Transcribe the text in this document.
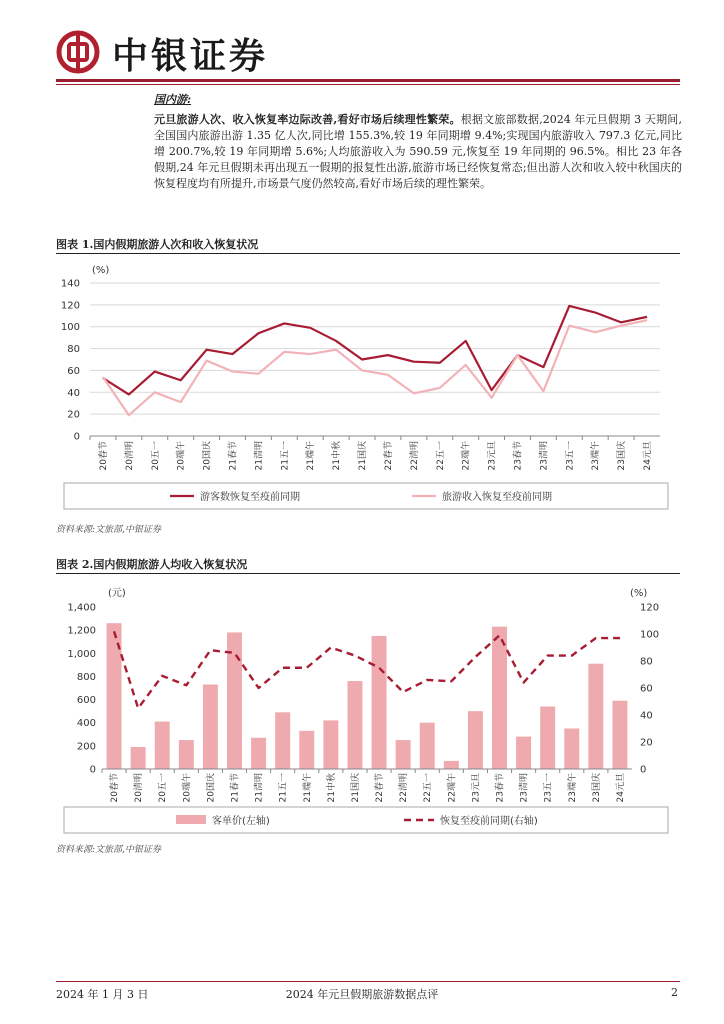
中银证券
国内游:
元旦旅游人次、收入恢复率边际改善,看好市场后续理性繁荣。根据文旅部数据,2024 年元旦假期 3 天期间,全国国内旅游出游 1.35 亿人次,同比增 155.3%,较 19 年同期增 9.4%;实现国内旅游收入 797.3 亿元,同比增 200.7%,较 19 年同期增 5.6%;人均旅游收入为 590.59 元,恢复至 19 年同期的 96.5%。相比 23 年各假期,24 年元旦假期未再出现五一假期的报复性出游,旅游市场已经恢复常态;但出游人次和收入较中秋国庆的恢复程度均有所提升,市场景气度仍然较高,看好市场后续的理性繁荣。
图表 1.国内假期旅游人次和收入恢复状况
(%)
0
20
40
60
80
100
120
140
20春节 20清明 20五一 20端午 20国庆 21春节 21清明 21五一 21端午 21中秋 21国庆 22春节 22清明 22五一 22端午 23元旦 23春节 23清明 23五一 23端午 23国庆 24元旦
游客数恢复至疫前同期	旅游收入恢复至疫前同期
资料来源:文旅部,中银证券
图表 2.国内假期旅游人均收入恢复状况
(元)	(%)
0
200
400
600
800
1,000
1,200
1,400
0
20
40
60
80
100
120
20春节 20清明 20五一 20端午 20国庆 21春节 21清明 21五一 21端午 21中秋 21国庆 22春节 22清明 22五一 22端午 23元旦 23春节 23清明 23五一 23端午 23国庆 24元旦
客单价(左轴)	恢复至疫前同期(右轴)
资料来源:文旅部,中银证券
2024 年 1 月 3 日	2024 年元旦假期旅游数据点评	2
